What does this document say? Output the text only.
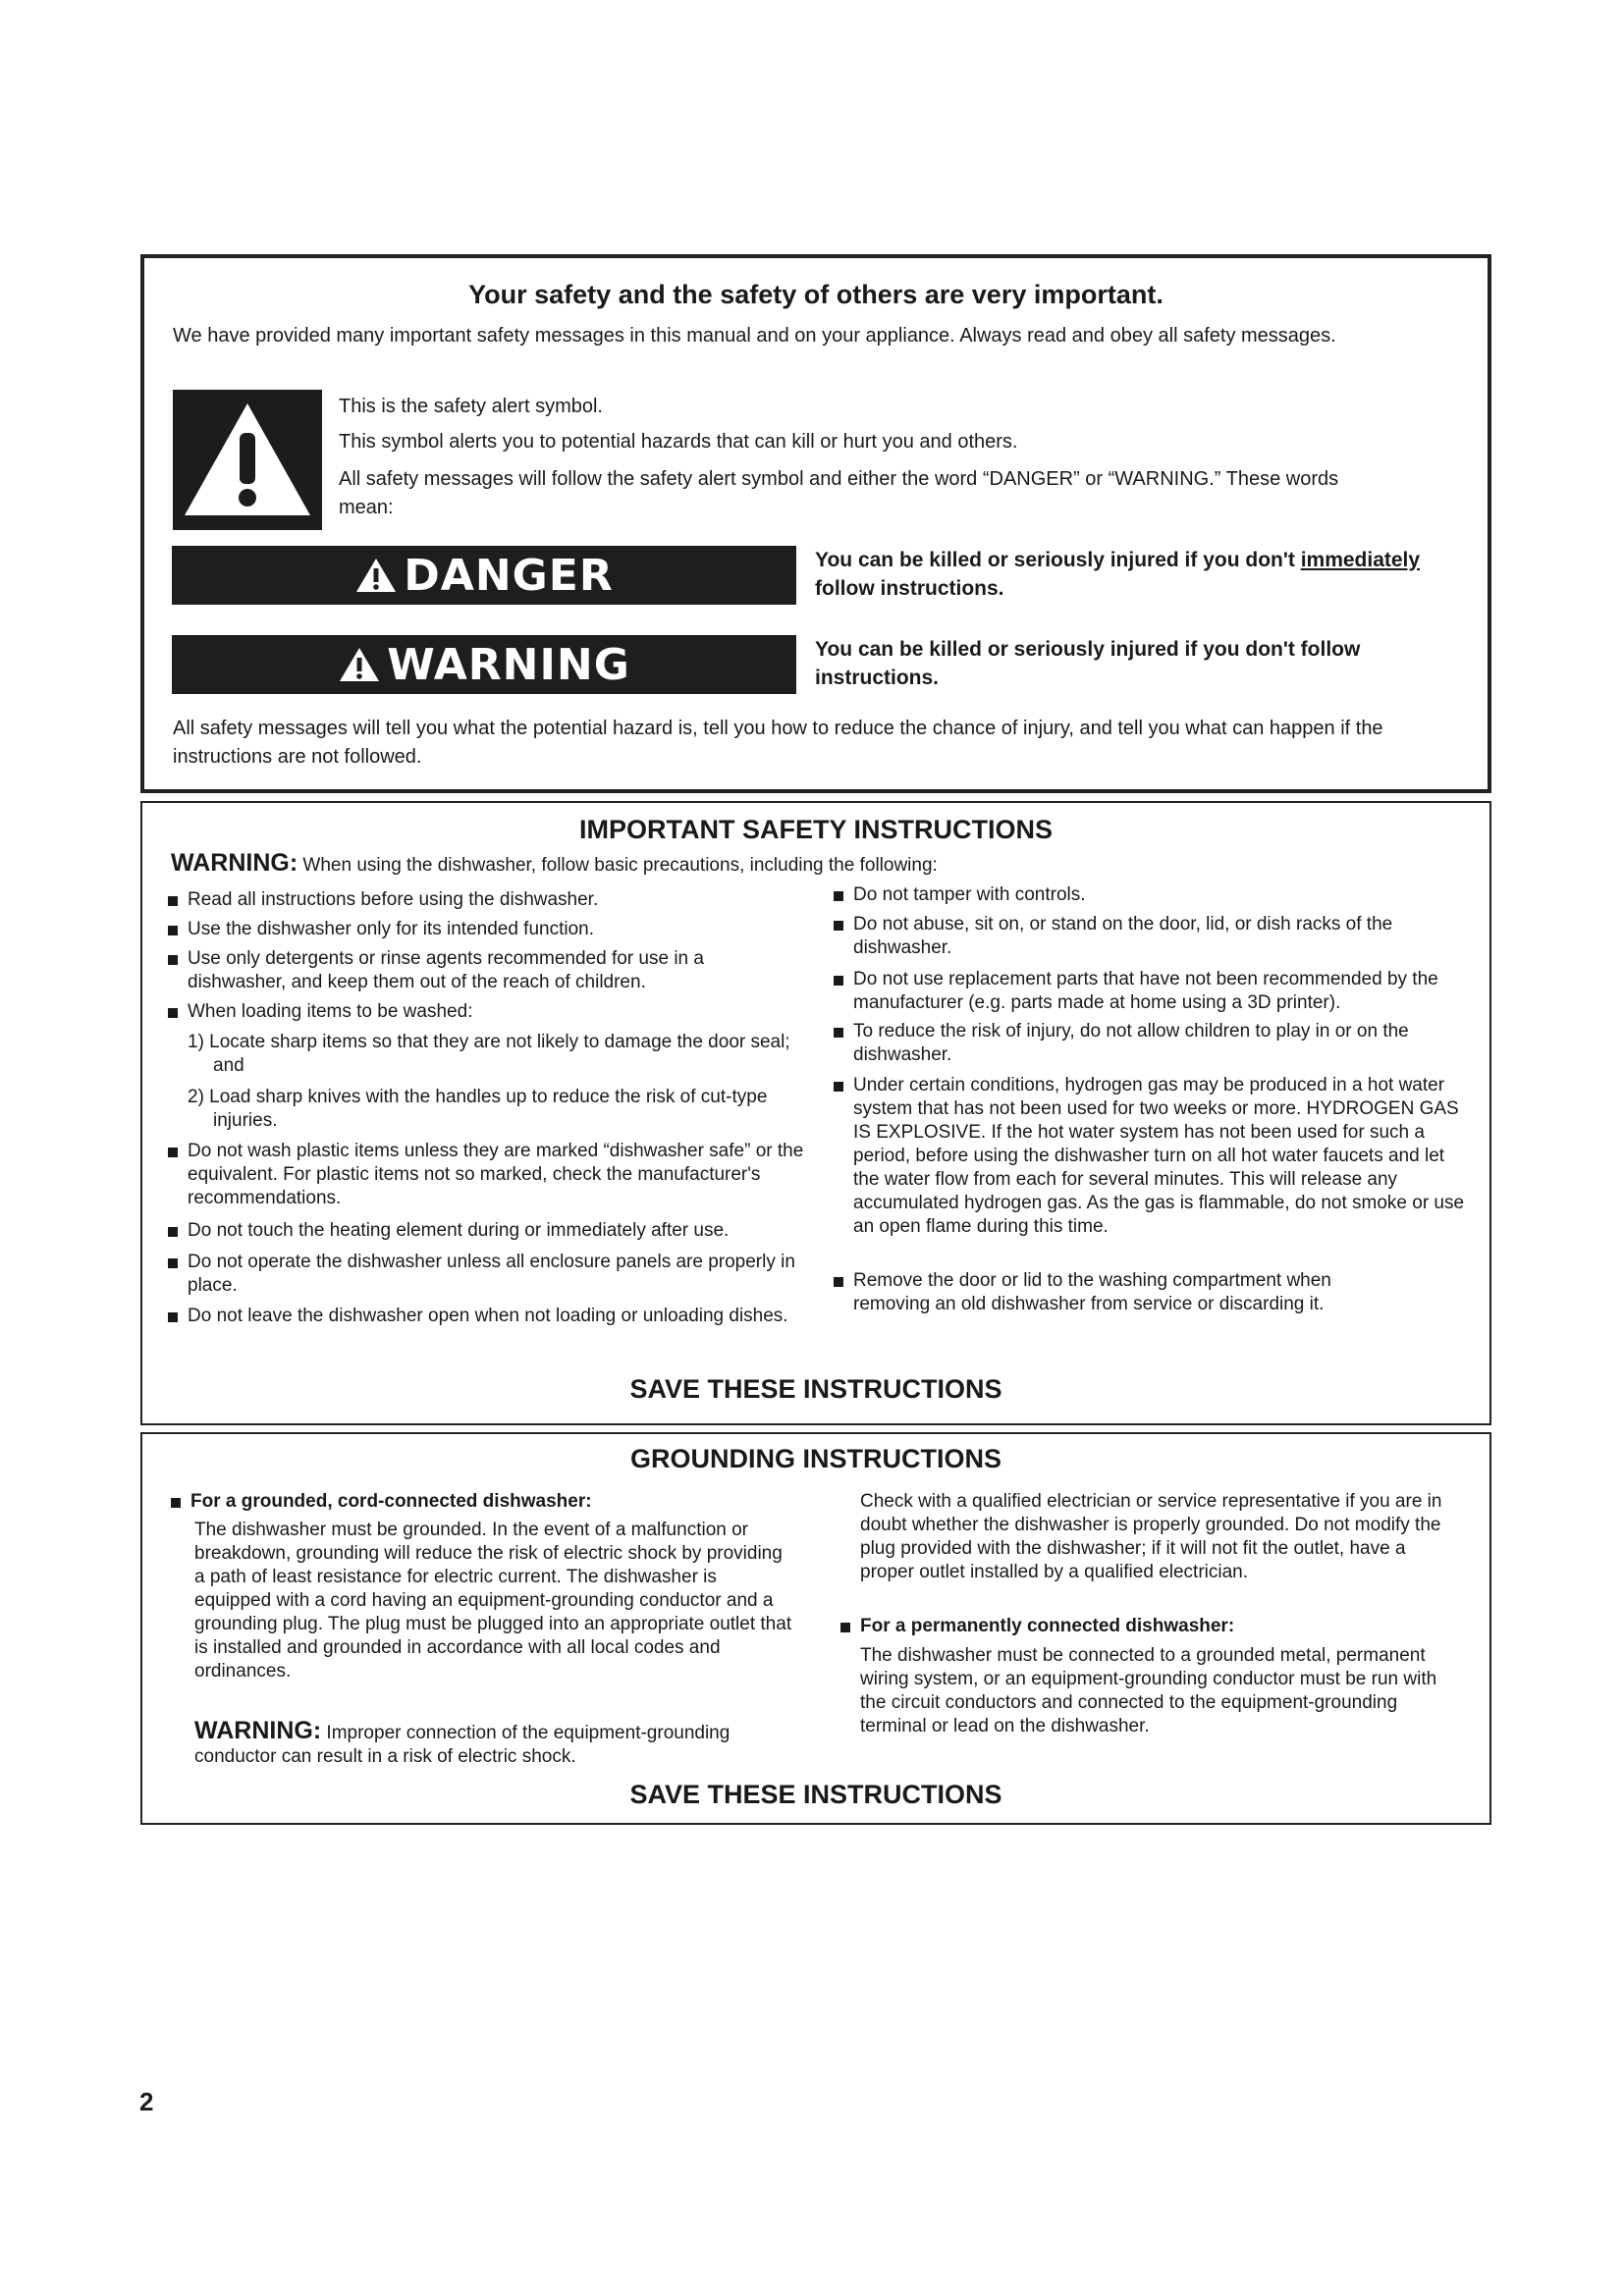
Your safety and the safety of others are very important.
We have provided many important safety messages in this manual and on your appliance. Always read and obey all safety messages.
This is the safety alert symbol.
This symbol alerts you to potential hazards that can kill or hurt you and others.
All safety messages will follow the safety alert symbol and either the word “DANGER” or “WARNING.” These words mean:
DANGER	You can be killed or seriously injured if you don't immediately follow instructions.
WARNING	You can be killed or seriously injured if you don't follow instructions.
All safety messages will tell you what the potential hazard is, tell you how to reduce the chance of injury, and tell you what can happen if the instructions are not followed.
IMPORTANT SAFETY INSTRUCTIONS
WARNING: When using the dishwasher, follow basic precautions, including the following:
Read all instructions before using the dishwasher.
Use the dishwasher only for its intended function.
Use only detergents or rinse agents recommended for use in a dishwasher, and keep them out of the reach of children.
When loading items to be washed:
1) Locate sharp items so that they are not likely to damage the door seal; and
2) Load sharp knives with the handles up to reduce the risk of cut-type injuries.
Do not wash plastic items unless they are marked “dishwasher safe” or the equivalent. For plastic items not so marked, check the manufacturer's recommendations.
Do not touch the heating element during or immediately after use.
Do not operate the dishwasher unless all enclosure panels are properly in place.
Do not leave the dishwasher open when not loading or unloading dishes.
Do not tamper with controls.
Do not abuse, sit on, or stand on the door, lid, or dish racks of the dishwasher.
Do not use replacement parts that have not been recommended by the manufacturer (e.g. parts made at home using a 3D printer).
To reduce the risk of injury, do not allow children to play in or on the dishwasher.
Under certain conditions, hydrogen gas may be produced in a hot water system that has not been used for two weeks or more. HYDROGEN GAS IS EXPLOSIVE. If the hot water system has not been used for such a period, before using the dishwasher turn on all hot water faucets and let the water flow from each for several minutes. This will release any accumulated hydrogen gas. As the gas is flammable, do not smoke or use an open flame during this time.
Remove the door or lid to the washing compartment when removing an old dishwasher from service or discarding it.
SAVE THESE INSTRUCTIONS
GROUNDING INSTRUCTIONS
For a grounded, cord-connected dishwasher:
The dishwasher must be grounded. In the event of a malfunction or breakdown, grounding will reduce the risk of electric shock by providing a path of least resistance for electric current. The dishwasher is equipped with a cord having an equipment-grounding conductor and a grounding plug. The plug must be plugged into an appropriate outlet that is installed and grounded in accordance with all local codes and ordinances.
WARNING: Improper connection of the equipment-grounding conductor can result in a risk of electric shock.
Check with a qualified electrician or service representative if you are in doubt whether the dishwasher is properly grounded. Do not modify the plug provided with the dishwasher; if it will not fit the outlet, have a proper outlet installed by a qualified electrician.
For a permanently connected dishwasher:
The dishwasher must be connected to a grounded metal, permanent wiring system, or an equipment-grounding conductor must be run with the circuit conductors and connected to the equipment-grounding terminal or lead on the dishwasher.
SAVE THESE INSTRUCTIONS
2
